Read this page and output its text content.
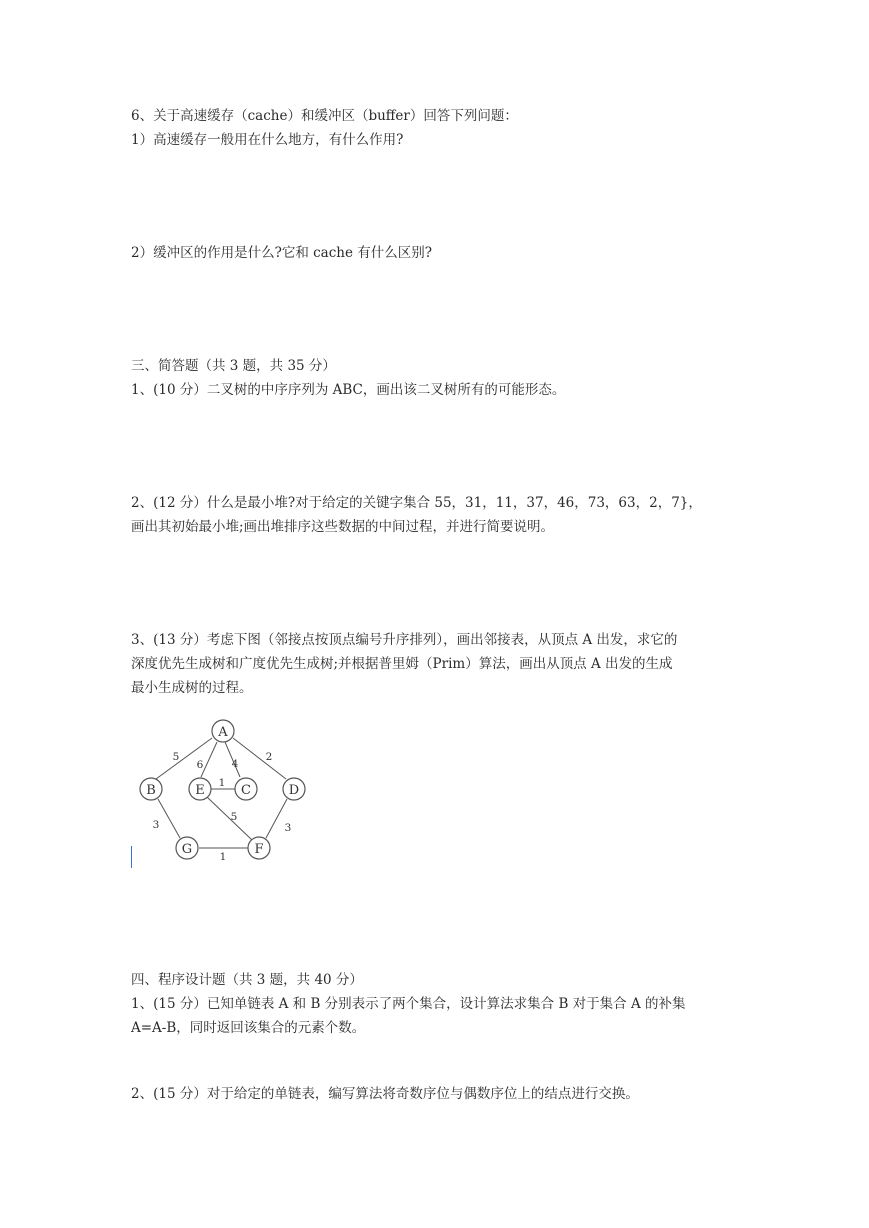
6、关于高速缓存（cache）和缓冲区（buffer）回答下列问题：
1）高速缓存一般用在什么地方，有什么作用?
2）缓冲区的作用是什么?它和 cache 有什么区别?
三、简答题（共 3 题，共 35 分）
1、(10 分）二叉树的中序序列为 ABC，画出该二叉树所有的可能形态。
2、(12 分）什么是最小堆?对于给定的关键字集合 55，31，11，37，46，73，63，2，7}，
画出其初始最小堆;画出堆排序这些数据的中间过程，并进行简要说明。
3、(13 分）考虑下图（邻接点按顶点编号升序排列），画出邻接表，从顶点 A 出发，求它的
深度优先生成树和广度优先生成树;并根据普里姆（Prim）算法，画出从顶点 A 出发的生成
最小生成树的过程。
A
B	E	C	D
G	F
5
6	4
2
1
5
3	3
1
四、程序设计题（共 3 题，共 40 分）
1、(15 分）已知单链表 A 和 B 分别表示了两个集合，设计算法求集合 B 对于集合 A 的补集
A=A-B，同时返回该集合的元素个数。
2、(15 分）对于给定的单链表，编写算法将奇数序位与偶数序位上的结点进行交换。
